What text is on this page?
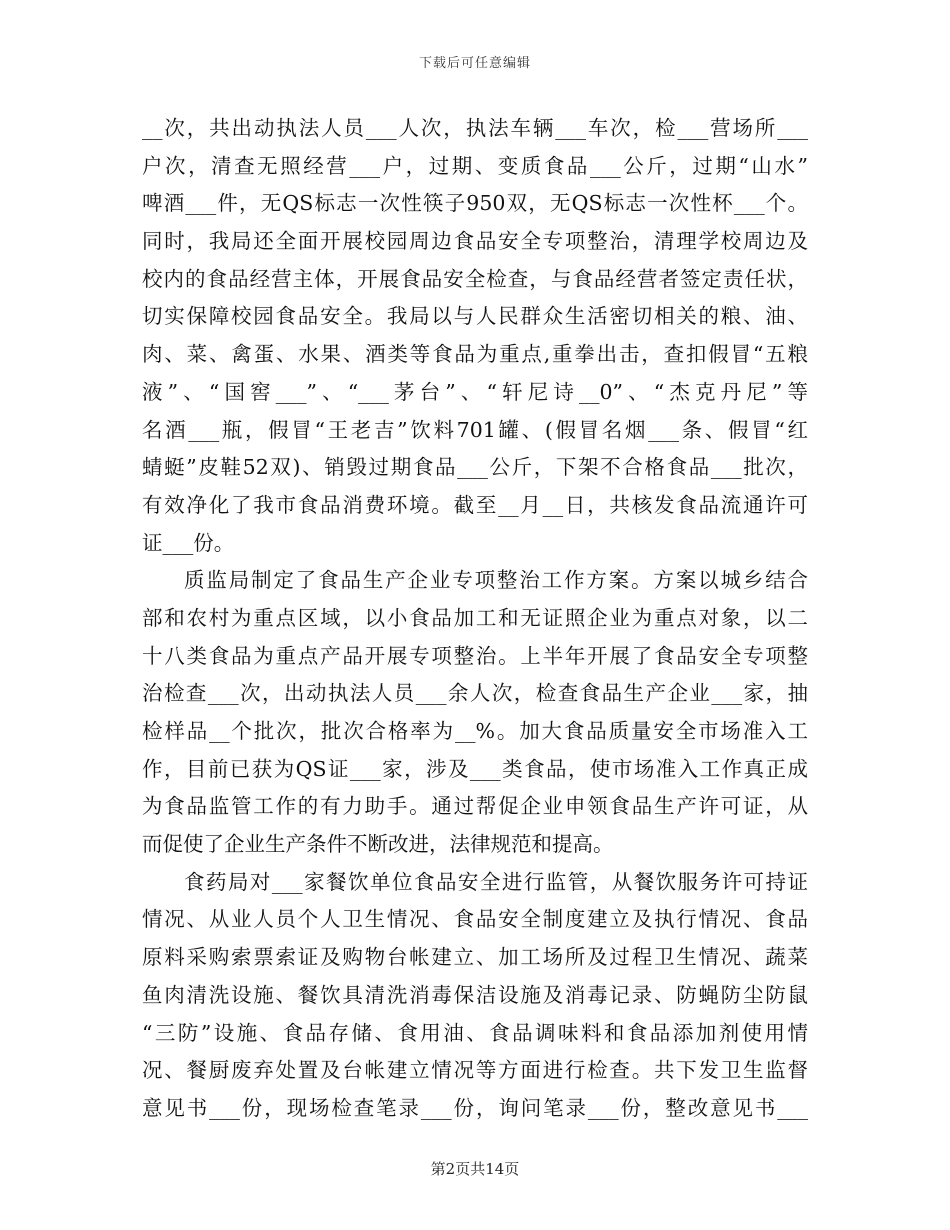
下载后可任意编辑

__次，共出动执法人员___人次，执法车辆___车次，检___营场所___

户次，清查无照经营___户，过期、变质食品___公斤，过期“山水”

啤酒___件，无QS标志一次性筷子950双，无QS标志一次性杯___个。

同时，我局还全面开展校园周边食品安全专项整治，清理学校周边及

校内的食品经营主体，开展食品安全检查，与食品经营者签定责任状，

切实保障校园食品安全。我局以与人民群众生活密切相关的粮、油、

肉、菜、禽蛋、水果、酒类等食品为重点,重拳出击，查扣假冒“五粮

液”、“国窖___”、“___茅台”、“轩尼诗__0”、“杰克丹尼”等

名酒___瓶，假冒“王老吉”饮料701罐、(假冒名烟___条、假冒“红

蜻蜓”皮鞋52双)、销毁过期食品___公斤，下架不合格食品___批次，

有效净化了我市食品消费环境。截至__月__日，共核发食品流通许可

证___份。

质监局制定了食品生产企业专项整治工作方案。方案以城乡结合

部和农村为重点区域，以小食品加工和无证照企业为重点对象，以二

十八类食品为重点产品开展专项整治。上半年开展了食品安全专项整

治检查___次，出动执法人员___余人次，检查食品生产企业___家，抽

检样品__个批次，批次合格率为__%。加大食品质量安全市场准入工

作，目前已获为QS证___家，涉及___类食品，使市场准入工作真正成

为食品监管工作的有力助手。通过帮促企业申领食品生产许可证，从

而促使了企业生产条件不断改进，法律规范和提高。

食药局对___家餐饮单位食品安全进行监管，从餐饮服务许可持证

情况、从业人员个人卫生情况、食品安全制度建立及执行情况、食品

原料采购索票索证及购物台帐建立、加工场所及过程卫生情况、蔬菜

鱼肉清洗设施、餐饮具清洗消毒保洁设施及消毒记录、防蝇防尘防鼠

“三防”设施、食品存储、食用油、食品调味料和食品添加剂使用情

况、餐厨废弃处置及台帐建立情况等方面进行检查。共下发卫生监督

意见书___份，现场检查笔录___份，询问笔录___份，整改意见书___

第2页共14页
